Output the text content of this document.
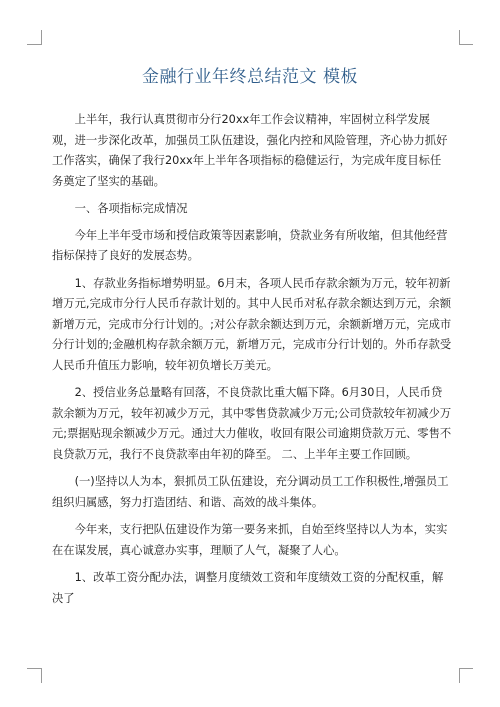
金融行业年终总结范文 模板

上半年，我行认真贯彻市分行20xx年工作会议精神，牢固树立科学发展观，进一步深化改革，加强员工队伍建设，强化内控和风险管理，齐心协力抓好工作落实，确保了我行20xx年上半年各项指标的稳健运行，为完成年度目标任务奠定了坚实的基础。

一、各项指标完成情况

今年上半年受市场和授信政策等因素影响，贷款业务有所收缩，但其他经营指标保持了良好的发展态势。

1、存款业务指标增势明显。6月末，各项人民币存款余额为万元，较年初新增万元,完成市分行人民币存款计划的。其中人民币对私存款余额达到万元，余额新增万元，完成市分行计划的。;对公存款余额达到万元，余额新增万元，完成市分行计划的;金融机构存款余额万元，新增万元，完成市分行计划的。外币存款受人民币升值压力影响，较年初负增长万美元。

2、授信业务总量略有回落，不良贷款比重大幅下降。6月30日，人民币贷款余额为万元，较年初减少万元，其中零售贷款减少万元;公司贷款较年初减少万元;票据贴现余额减少万元。通过大力催收，收回有限公司逾期贷款万元、零售不良贷款万元，我行不良贷款率由年初的降至。 二、上半年主要工作回顾。

(一)坚持以人为本，狠抓员工队伍建设，充分调动员工工作积极性,增强员工组织归属感，努力打造团结、和谐、高效的战斗集体。

今年来，支行把队伍建设作为第一要务来抓，自始至终坚持以人为本，实实在在谋发展，真心诚意办实事，理顺了人气，凝聚了人心。

1、改革工资分配办法，调整月度绩效工资和年度绩效工资的分配权重，解决了
